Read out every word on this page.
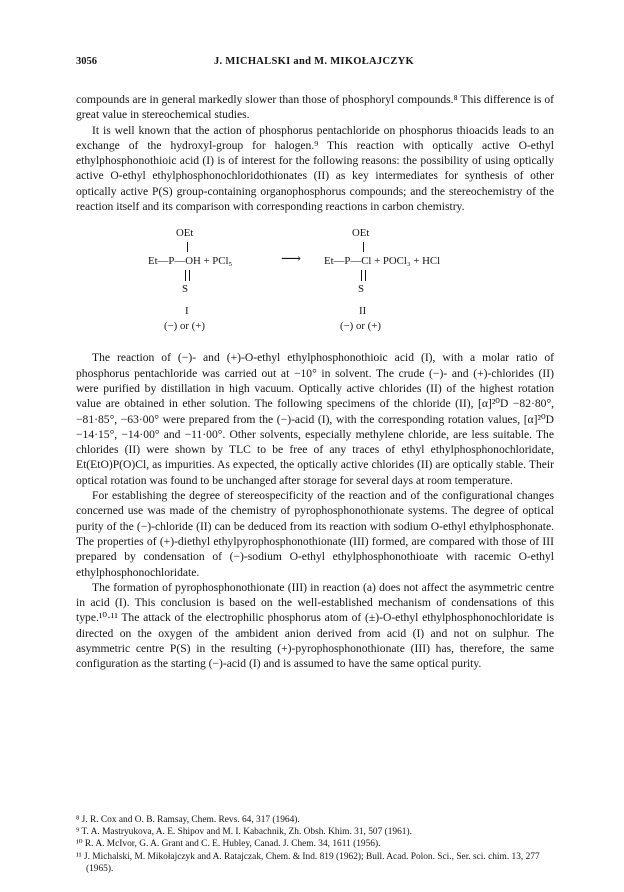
3056	J. MICHALSKI and M. MIKOŁAJCZYK

compounds are in general markedly slower than those of phosphoryl compounds.⁸ This difference is of great value in stereochemical studies.

It is well known that the action of phosphorus pentachloride on phosphorus thioacids leads to an exchange of the hydroxyl-group for halogen.⁹ This reaction with optically active O-ethyl ethylphosphonothioic acid (I) is of interest for the following reasons: the possibility of using optically active O-ethyl ethylphosphonochloridothionates (II) as key intermediates for synthesis of other optically active P(S) group-containing organophosphorus compounds; and the stereochemistry of the reaction itself and its comparison with corresponding reactions in carbon chemistry.

OEt
Et—P—OH + PCl₅
S
I
(−) or (+)
⟶
OEt
Et—P—Cl + POCl₃ + HCl
S
II
(−) or (+)

The reaction of (−)- and (+)-O-ethyl ethylphosphonothioic acid (I), with a molar ratio of phosphorus pentachloride was carried out at −10° in solvent. The crude (−)- and (+)-chlorides (II) were purified by distillation in high vacuum. Optically active chlorides (II) of the highest rotation value are obtained in ether solution. The following specimens of the chloride (II), [α]²⁰D −82·80°, −81·85°, −63·00° were prepared from the (−)-acid (I), with the corresponding rotation values, [α]²⁰D −14·15°, −14·00° and −11·00°. Other solvents, especially methylene chloride, are less suitable. The chlorides (II) were shown by TLC to be free of any traces of ethyl ethylphosphonochloridate, Et(EtO)P(O)Cl, as impurities. As expected, the optically active chlorides (II) are optically stable. Their optical rotation was found to be unchanged after storage for several days at room temperature.

For establishing the degree of stereospecificity of the reaction and of the configurational changes concerned use was made of the chemistry of pyrophosphonothionate systems. The degree of optical purity of the (−)-chloride (II) can be deduced from its reaction with sodium O-ethyl ethylphosphonate. The properties of (+)-diethyl ethylpyrophosphonothionate (III) formed, are compared with those of III prepared by condensation of (−)-sodium O-ethyl ethylphosphonothioate with racemic O-ethyl ethylphosphonochloridate.

The formation of pyrophosphonothionate (III) in reaction (a) does not affect the asymmetric centre in acid (I). This conclusion is based on the well-established mechanism of condensations of this type.¹⁰·¹¹ The attack of the electrophilic phosphorus atom of (±)-O-ethyl ethylphosphonochloridate is directed on the oxygen of the ambident anion derived from acid (I) and not on sulphur. The asymmetric centre P(S) in the resulting (+)-pyrophosphonothionate (III) has, therefore, the same configuration as the starting (−)-acid (I) and is assumed to have the same optical purity.

⁸ J. R. Cox and O. B. Ramsay, Chem. Revs. 64, 317 (1964).
⁹ T. A. Mastryukova, A. E. Shipov and M. I. Kabachnik, Zh. Obsh. Khim. 31, 507 (1961).
¹⁰ R. A. McIvor, G. A. Grant and C. E. Hubley, Canad. J. Chem. 34, 1611 (1956).
¹¹ J. Michalski, M. Mikołajczyk and A. Ratajczak, Chem. & Ind. 819 (1962); Bull. Acad. Polon. Sci., Ser. sci. chim. 13, 277 (1965).
